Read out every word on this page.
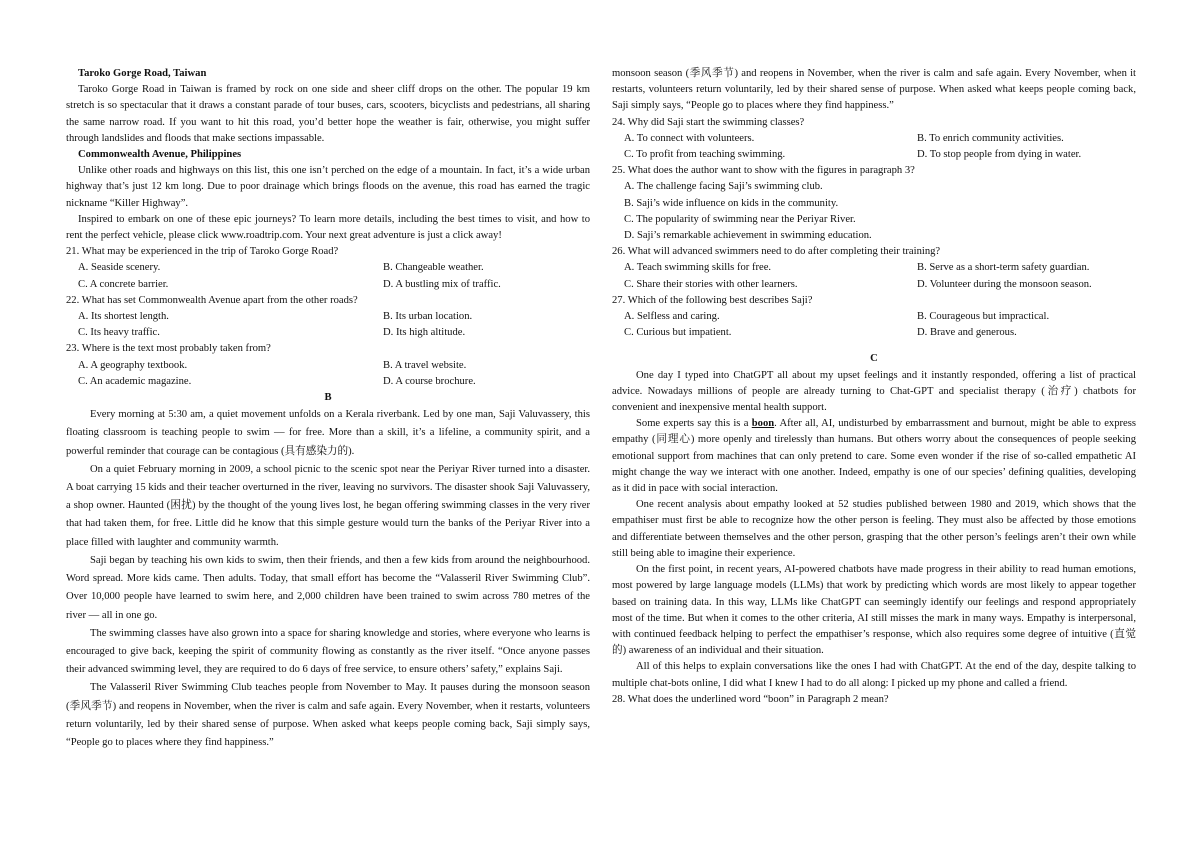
Taroko Gorge Road, Taiwan

Taroko Gorge Road in Taiwan is framed by rock on one side and sheer cliff drops on the other. The popular 19 km stretch is so spectacular that it draws a constant parade of tour buses, cars, scooters, bicyclists and pedestrians, all sharing the same narrow road. If you want to hit this road, you’d better hope the weather is fair, otherwise, you might suffer through landslides and floods that make sections impassable.

Commonwealth Avenue, Philippines

Unlike other roads and highways on this list, this one isn’t perched on the edge of a mountain. In fact, it’s a wide urban highway that’s just 12 km long. Due to poor drainage which brings floods on the avenue, this road has earned the tragic nickname “Killer Highway”.

Inspired to embark on one of these epic journeys? To learn more details, including the best times to visit, and how to rent the perfect vehicle, please click www.roadtrip.com. Your next great adventure is just a click away!

21. What may be experienced in the trip of Taroko Gorge Road?

A. Seaside scenery.	B. Changeable weather.
C. A concrete barrier.	D. A bustling mix of traffic.

22. What has set Commonwealth Avenue apart from the other roads?

A. Its shortest length.	B. Its urban location.
C. Its heavy traffic.	D. Its high altitude.

23. Where is the text most probably taken from?

A. A geography textbook.	B. A travel website.
C. An academic magazine.	D. A course brochure.

B

Every morning at 5:30 am, a quiet movement unfolds on a Kerala riverbank. Led by one man, Saji Valuvassery, this floating classroom is teaching people to swim — for free. More than a skill, it’s a lifeline, a community spirit, and a powerful reminder that courage can be contagious (具有感染力的).

On a quiet February morning in 2009, a school picnic to the scenic spot near the Periyar River turned into a disaster. A boat carrying 15 kids and their teacher overturned in the river, leaving no survivors. The disaster shook Saji Valuvassery, a shop owner. Haunted (困扰) by the thought of the young lives lost, he began offering swimming classes in the very river that had taken them, for free. Little did he know that this simple gesture would turn the banks of the Periyar River into a place filled with laughter and community warmth.

Saji began by teaching his own kids to swim, then their friends, and then a few kids from around the neighbourhood. Word spread. More kids came. Then adults. Today, that small effort has become the “Valasseril River Swimming Club”. Over 10,000 people have learned to swim here, and 2,000 children have been trained to swim across 780 metres of the river — all in one go.

The swimming classes have also grown into a space for sharing knowledge and stories, where everyone who learns is encouraged to give back, keeping the spirit of community flowing as constantly as the river itself. “Once anyone passes their advanced swimming level, they are required to do 6 days of free service, to ensure others’ safety,” explains Saji.

The Valasseril River Swimming Club teaches people from November to May. It pauses during the monsoon season (季风季节) and reopens in November, when the river is calm and safe again. Every November, when it restarts, volunteers return voluntarily, led by their shared sense of purpose. When asked what keeps people coming back, Saji simply says, “People go to places where they find happiness.”

monsoon season (季风季节) and reopens in November, when the river is calm and safe again. Every November, when it restarts, volunteers return voluntarily, led by their shared sense of purpose. When asked what keeps people coming back, Saji simply says, “People go to places where they find happiness.”

24. Why did Saji start the swimming classes?

A. To connect with volunteers.	B. To enrich community activities.
C. To profit from teaching swimming.	D. To stop people from dying in water.

25. What does the author want to show with the figures in paragraph 3?

A. The challenge facing Saji’s swimming club.
B. Saji’s wide influence on kids in the community.
C. The popularity of swimming near the Periyar River.
D. Saji’s remarkable achievement in swimming education.

26. What will advanced swimmers need to do after completing their training?

A. Teach swimming skills for free.	B. Serve as a short-term safety guardian.
C. Share their stories with other learners.	D. Volunteer during the monsoon season.

27. Which of the following best describes Saji?

A. Selfless and caring.	B. Courageous but impractical.
C. Curious but impatient.	D. Brave and generous.

C

One day I typed into ChatGPT all about my upset feelings and it instantly responded, offering a list of practical advice. Nowadays millions of people are already turning to Chat-GPT and specialist therapy (治疗) chatbots for convenient and inexpensive mental health support.

Some experts say this is a boon. After all, AI, undisturbed by embarrassment and burnout, might be able to express empathy (同理心) more openly and tirelessly than humans. But others worry about the consequences of people seeking emotional support from machines that can only pretend to care. Some even wonder if the rise of so-called empathetic AI might change the way we interact with one another. Indeed, empathy is one of our species’ defining qualities, developing as it did in pace with social interaction.

One recent analysis about empathy looked at 52 studies published between 1980 and 2019, which shows that the empathiser must first be able to recognize how the other person is feeling. They must also be affected by those emotions and differentiate between themselves and the other person, grasping that the other person’s feelings aren’t their own while still being able to imagine their experience.

On the first point, in recent years, AI-powered chatbots have made progress in their ability to read human emotions, most powered by large language models (LLMs) that work by predicting which words are most likely to appear together based on training data. In this way, LLMs like ChatGPT can seemingly identify our feelings and respond appropriately most of the time. But when it comes to the other criteria, AI still misses the mark in many ways. Empathy is interpersonal, with continued feedback helping to perfect the empathiser’s response, which also requires some degree of intuitive (直觉的) awareness of an individual and their situation.

All of this helps to explain conversations like the ones I had with ChatGPT. At the end of the day, despite talking to multiple chat-bots online, I did what I knew I had to do all along: I picked up my phone and called a friend.

28. What does the underlined word “boon” in Paragraph 2 mean?
